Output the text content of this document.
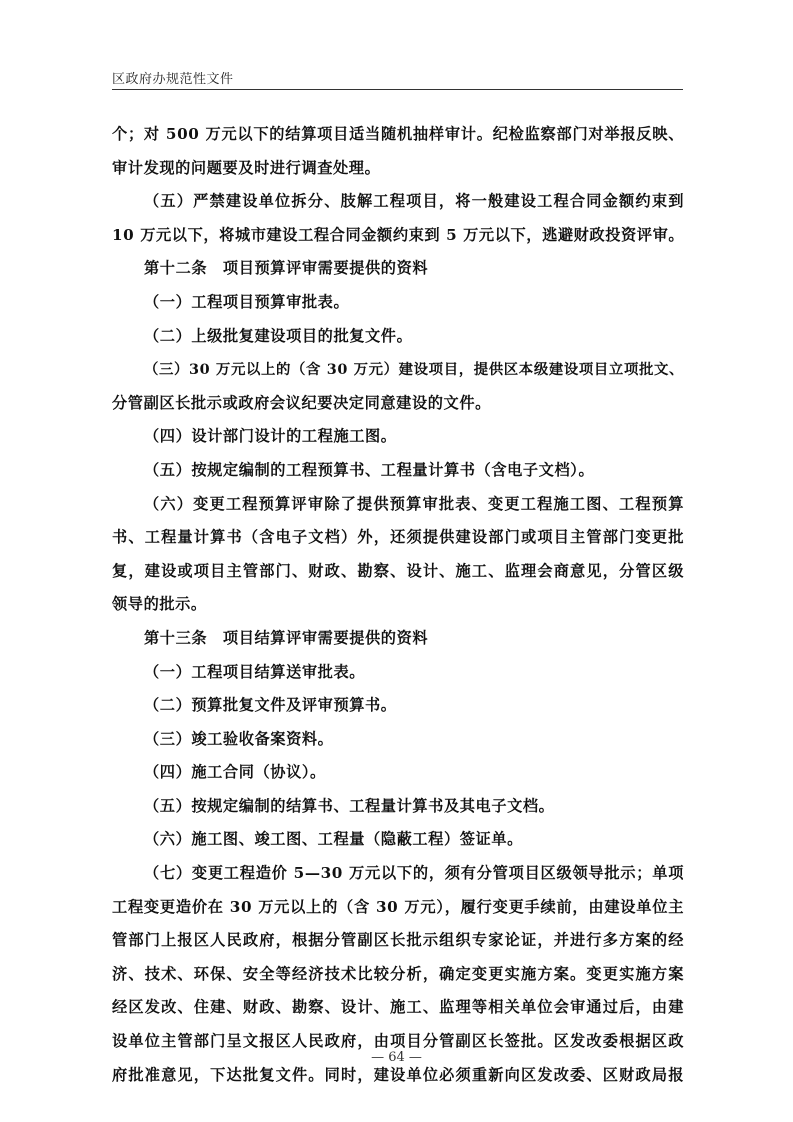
区政府办规范性文件
个；对 500 万元以下的结算项目适当随机抽样审计。纪检监察部门对举报反映、
审计发现的问题要及时进行调查处理。
（五）严禁建设单位拆分、肢解工程项目，将一般建设工程合同金额约束到
10 万元以下，将城市建设工程合同金额约束到 5 万元以下，逃避财政投资评审。
第十二条　项目预算评审需要提供的资料
（一）工程项目预算审批表。
（二）上级批复建设项目的批复文件。
（三）30 万元以上的（含 30 万元）建设项目，提供区本级建设项目立项批文、
分管副区长批示或政府会议纪要决定同意建设的文件。
（四）设计部门设计的工程施工图。
（五）按规定编制的工程预算书、工程量计算书（含电子文档）。
（六）变更工程预算评审除了提供预算审批表、变更工程施工图、工程预算
书、工程量计算书（含电子文档）外，还须提供建设部门或项目主管部门变更批
复，建设或项目主管部门、财政、勘察、设计、施工、监理会商意见，分管区级
领导的批示。
第十三条　项目结算评审需要提供的资料
（一）工程项目结算送审批表。
（二）预算批复文件及评审预算书。
（三）竣工验收备案资料。
（四）施工合同（协议）。
（五）按规定编制的结算书、工程量计算书及其电子文档。
（六）施工图、竣工图、工程量（隐蔽工程）签证单。
（七）变更工程造价 5—30 万元以下的，须有分管项目区级领导批示；单项
工程变更造价在 30 万元以上的（含 30 万元），履行变更手续前，由建设单位主
管部门上报区人民政府，根据分管副区长批示组织专家论证，并进行多方案的经
济、技术、环保、安全等经济技术比较分析，确定变更实施方案。变更实施方案
经区发改、住建、财政、勘察、设计、施工、监理等相关单位会审通过后，由建
设单位主管部门呈文报区人民政府，由项目分管副区长签批。区发改委根据区政
府批准意见，下达批复文件。同时，建设单位必须重新向区发改委、区财政局报
— 64 —
